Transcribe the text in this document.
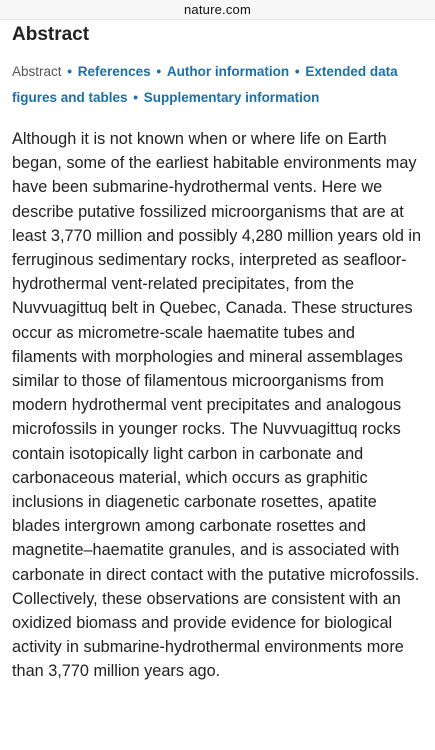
nature.com
Abstract
Abstract • References • Author information • Extended data figures and tables • Supplementary information

Although it is not known when or where life on Earth began, some of the earliest habitable environments may have been submarine-hydrothermal vents. Here we describe putative fossilized microorganisms that are at least 3,770 million and possibly 4,280 million years old in ferruginous sedimentary rocks, interpreted as seafloor-hydrothermal vent-related precipitates, from the Nuvvuagittuq belt in Quebec, Canada. These structures occur as micrometre-scale haematite tubes and filaments with morphologies and mineral assemblages similar to those of filamentous microorganisms from modern hydrothermal vent precipitates and analogous microfossils in younger rocks. The Nuvvuagittuq rocks contain isotopically light carbon in carbonate and carbonaceous material, which occurs as graphitic inclusions in diagenetic carbonate rosettes, apatite blades intergrown among carbonate rosettes and magnetite–haematite granules, and is associated with carbonate in direct contact with the putative microfossils. Collectively, these observations are consistent with an oxidized biomass and provide evidence for biological activity in submarine-hydrothermal environments more than 3,770 million years ago.
